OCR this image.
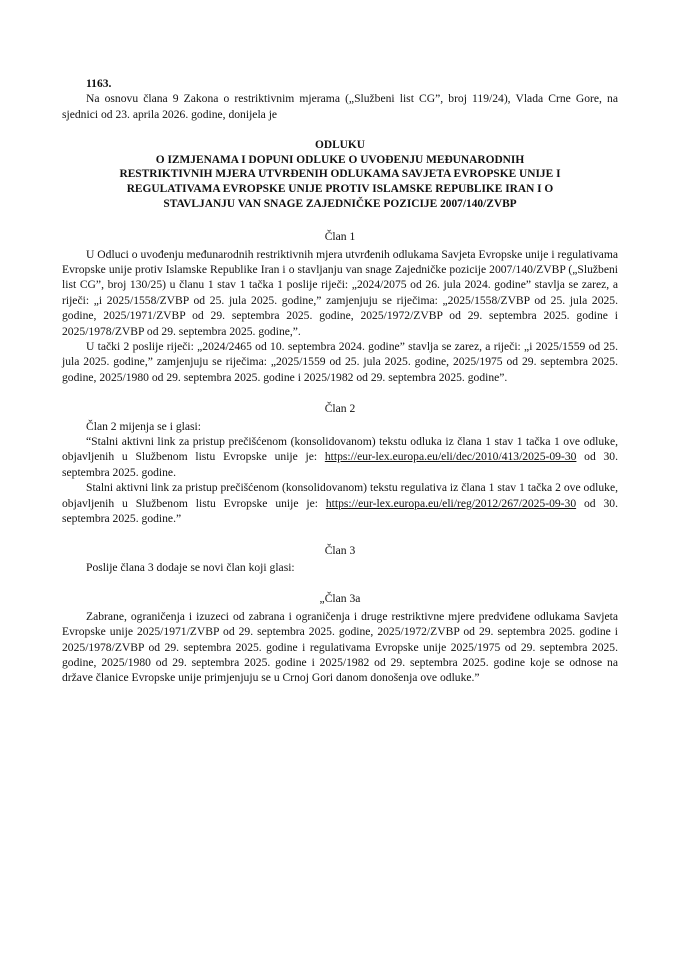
1163.

Na osnovu člana 9 Zakona o restriktivnim mjerama („Službeni list CG”, broj 119/24), Vlada Crne Gore, na sjednici od 23. aprila 2026. godine, donijela je

ODLUKU
O IZMJENAMA I DOPUNI ODLUKE O UVOĐENJU MEĐUNARODNIH
RESTRIKTIVNIH MJERA UTVRĐENIH ODLUKAMA SAVJETA EVROPSKE UNIJE I
REGULATIVAMA EVROPSKE UNIJE PROTIV ISLAMSKE REPUBLIKE IRAN I O
STAVLJANJU VAN SNAGE ZAJEDNIČKE POZICIJE 2007/140/ZVBP
Član 1

U Odluci o uvođenju međunarodnih restriktivnih mjera utvrđenih odlukama Savjeta Evropske unije i regulativama Evropske unije protiv Islamske Republike Iran i o stavljanju van snage Zajedničke pozicije 2007/140/ZVBP („Službeni list CG”, broj 130/25) u članu 1 stav 1 tačka 1 poslije riječi: „2024/2075 od 26. jula 2024. godine” stavlja se zarez, a riječi: „i 2025/1558/ZVBP od 25. jula 2025. godine,” zamjenjuju se riječima: „2025/1558/ZVBP od 25. jula 2025. godine, 2025/1971/ZVBP od 29. septembra 2025. godine, 2025/1972/ZVBP od 29. septembra 2025. godine i 2025/1978/ZVBP od 29. septembra 2025. godine,”.

U tački 2 poslije riječi: „2024/2465 od 10. septembra 2024. godine” stavlja se zarez, a riječi: „i 2025/1559 od 25. jula 2025. godine,” zamjenjuju se riječima: „2025/1559 od 25. jula 2025. godine, 2025/1975 od 29. septembra 2025. godine, 2025/1980 od 29. septembra 2025. godine i 2025/1982 od 29. septembra 2025. godine”.

Član 2

Član 2 mijenja se i glasi:

“Stalni aktivni link za pristup prečišćenom (konsolidovanom) tekstu odluka iz člana 1 stav 1 tačka 1 ove odluke, objavljenih u Službenom listu Evropske unije je: https://eur-lex.europa.eu/eli/dec/2010/413/2025-09-30 od 30. septembra 2025. godine.

Stalni aktivni link za pristup prečišćenom (konsolidovanom) tekstu regulativa iz člana 1 stav 1 tačka 2 ove odluke, objavljenih u Službenom listu Evropske unije je: https://eur-lex.europa.eu/eli/reg/2012/267/2025-09-30 od 30. septembra 2025. godine.”

Član 3

Poslije člana 3 dodaje se novi član koji glasi:

„Član 3a

Zabrane, ograničenja i izuzeci od zabrana i ograničenja i druge restriktivne mjere predviđene odlukama Savjeta Evropske unije 2025/1971/ZVBP od 29. septembra 2025. godine, 2025/1972/ZVBP od 29. septembra 2025. godine i 2025/1978/ZVBP od 29. septembra 2025. godine i regulativama Evropske unije 2025/1975 od 29. septembra 2025. godine, 2025/1980 od 29. septembra 2025. godine i 2025/1982 od 29. septembra 2025. godine koje se odnose na države članice Evropske unije primjenjuju se u Crnoj Gori danom donošenja ove odluke.”
